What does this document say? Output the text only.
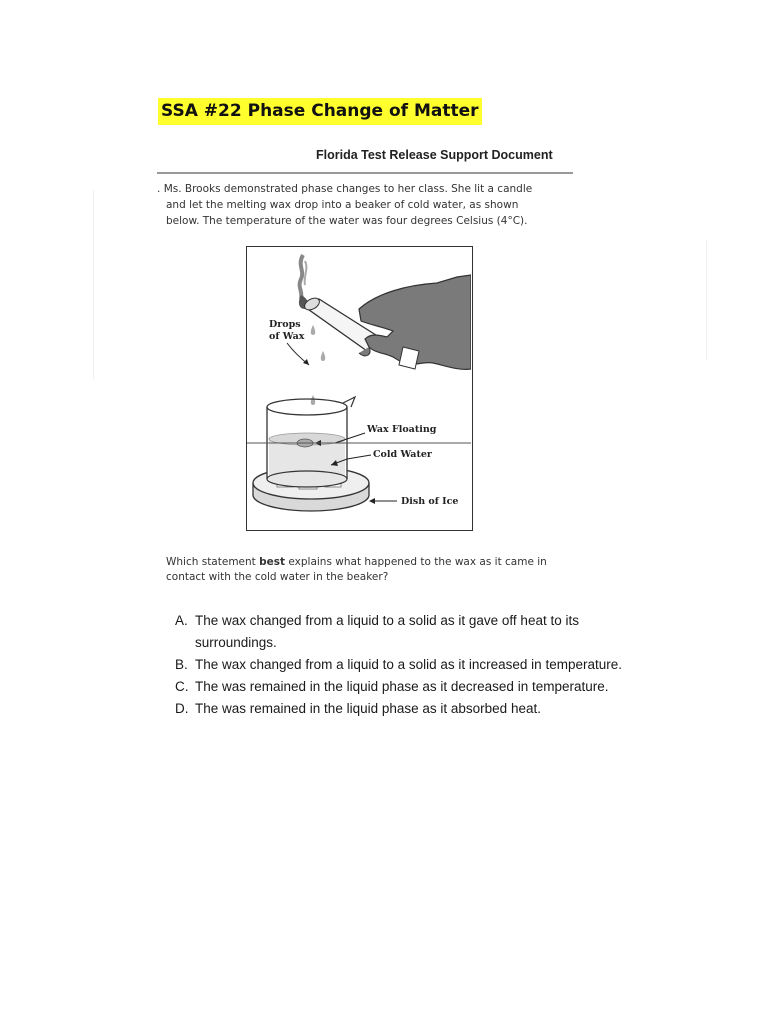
SSA #22 Phase Change of Matter
Florida Test Release Support Document
. Ms. Brooks demonstrated phase changes to her class. She lit a candle
and let the melting wax drop into a beaker of cold water, as shown
below. The temperature of the water was four degrees Celsius (4°C).
Drops
of Wax
Wax Floating
Cold Water
Dish of Ice
Which statement best explains what happened to the wax as it came in
contact with the cold water in the beaker?
A. The wax changed from a liquid to a solid as it gave off heat to its
surroundings.
B. The wax changed from a liquid to a solid as it increased in temperature.
C. The was remained in the liquid phase as it decreased in temperature.
D. The was remained in the liquid phase as it absorbed heat.
